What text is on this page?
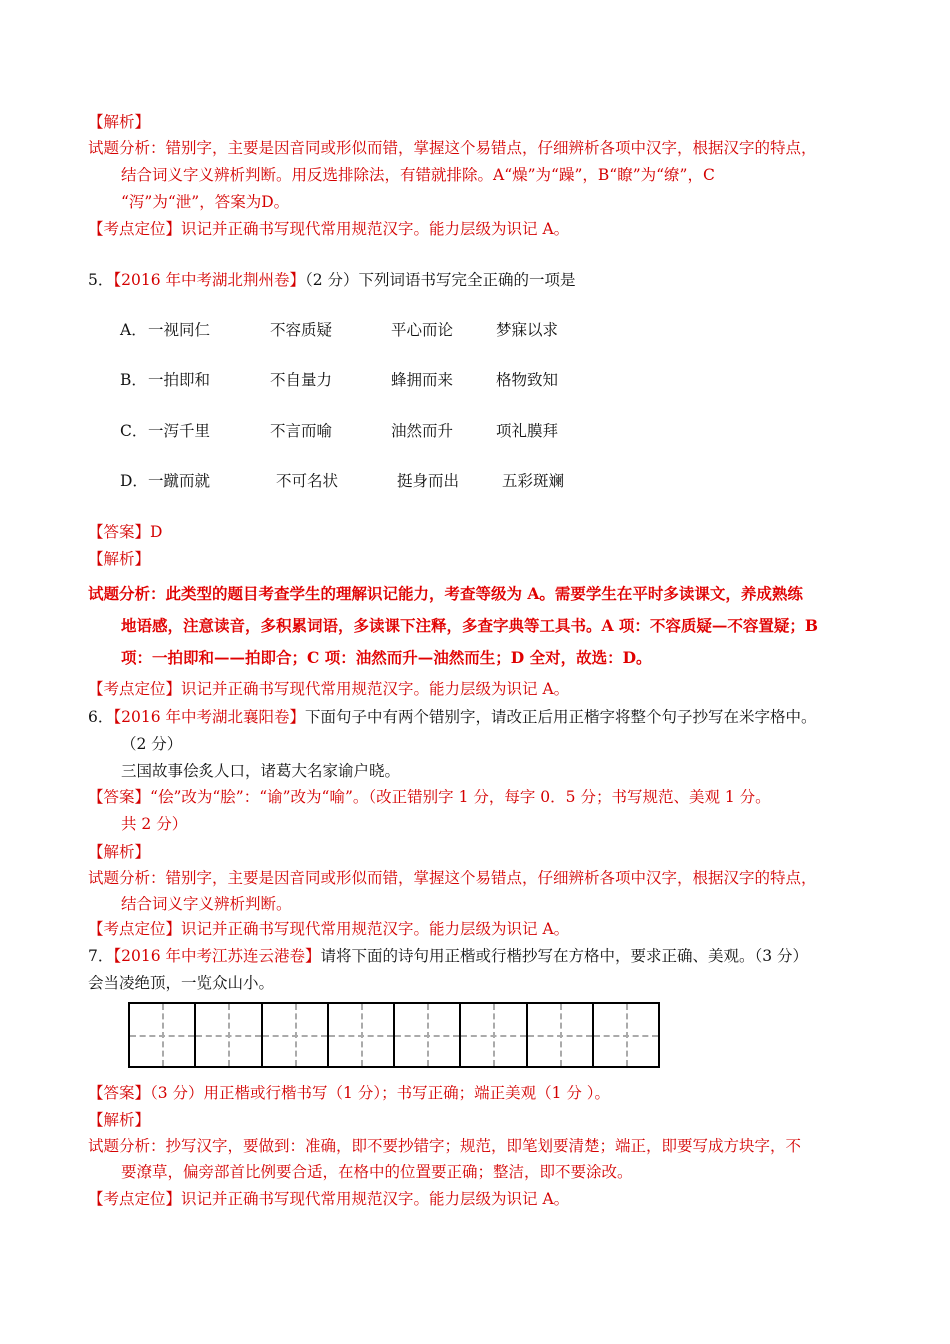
【解析】
试题分析：错别字，主要是因音同或形似而错，掌握这个易错点，仔细辨析各项中汉字，根据汉字的特点，
结合词义字义辨析判断。用反选排除法，有错就排除。A“燥”为“躁”，B“瞭”为“缭”，C
“泻”为“泄”，答案为D。
【考点定位】识记并正确书写现代常用规范汉字。能力层级为识记 A。
5．【2016 年中考湖北荆州卷】（2 分）下列词语书写完全正确的一项是
A． 一视同仁	不容质疑	平心而论	梦寐以求
B． 一拍即和	不自量力	蜂拥而来	格物致知
C． 一泻千里	不言而喻	油然而升	项礼膜拜
D． 一蹴而就	不可名状	挺身而出	五彩斑斓
【答案】D
【解析】
试题分析：此类型的题目考查学生的理解识记能力，考查等级为 A。需要学生在平时多读课文，养成熟练
地语感，注意读音，多积累词语，多读课下注释，多查字典等工具书。A 项：不容质疑—不容置疑；B
项：一拍即和——拍即合；C 项：油然而升—油然而生；D 全对，故选：D。
【考点定位】识记并正确书写现代常用规范汉字。能力层级为识记 A。
6．【2016 年中考湖北襄阳卷】下面句子中有两个错别字，请改正后用正楷字将整个句子抄写在米字格中。
（2 分）
三国故事侩炙人口，诸葛大名家谕户晓。
【答案】“侩”改为“脍”：“谕”改为“喻”。（改正错别字 1 分，每字 0．5 分；书写规范、美观 1 分。
共 2 分）
【解析】
试题分析：错别字，主要是因音同或形似而错，掌握这个易错点，仔细辨析各项中汉字，根据汉字的特点，
结合词义字义辨析判断。
【考点定位】识记并正确书写现代常用规范汉字。能力层级为识记 A。
7．【2016 年中考江苏连云港卷】请将下面的诗句用正楷或行楷抄写在方格中，要求正确、美观。（3 分）
会当凌绝顶，一览众山小。
【答案】（3 分）用正楷或行楷书写（1 分）；书写正确；端正美观（1 分 ）。
【解析】
试题分析：抄写汉字，要做到：准确，即不要抄错字；规范，即笔划要清楚；端正，即要写成方块字，不
要潦草，偏旁部首比例要合适，在格中的位置要正确；整洁，即不要涂改。
【考点定位】识记并正确书写现代常用规范汉字。能力层级为识记 A。
